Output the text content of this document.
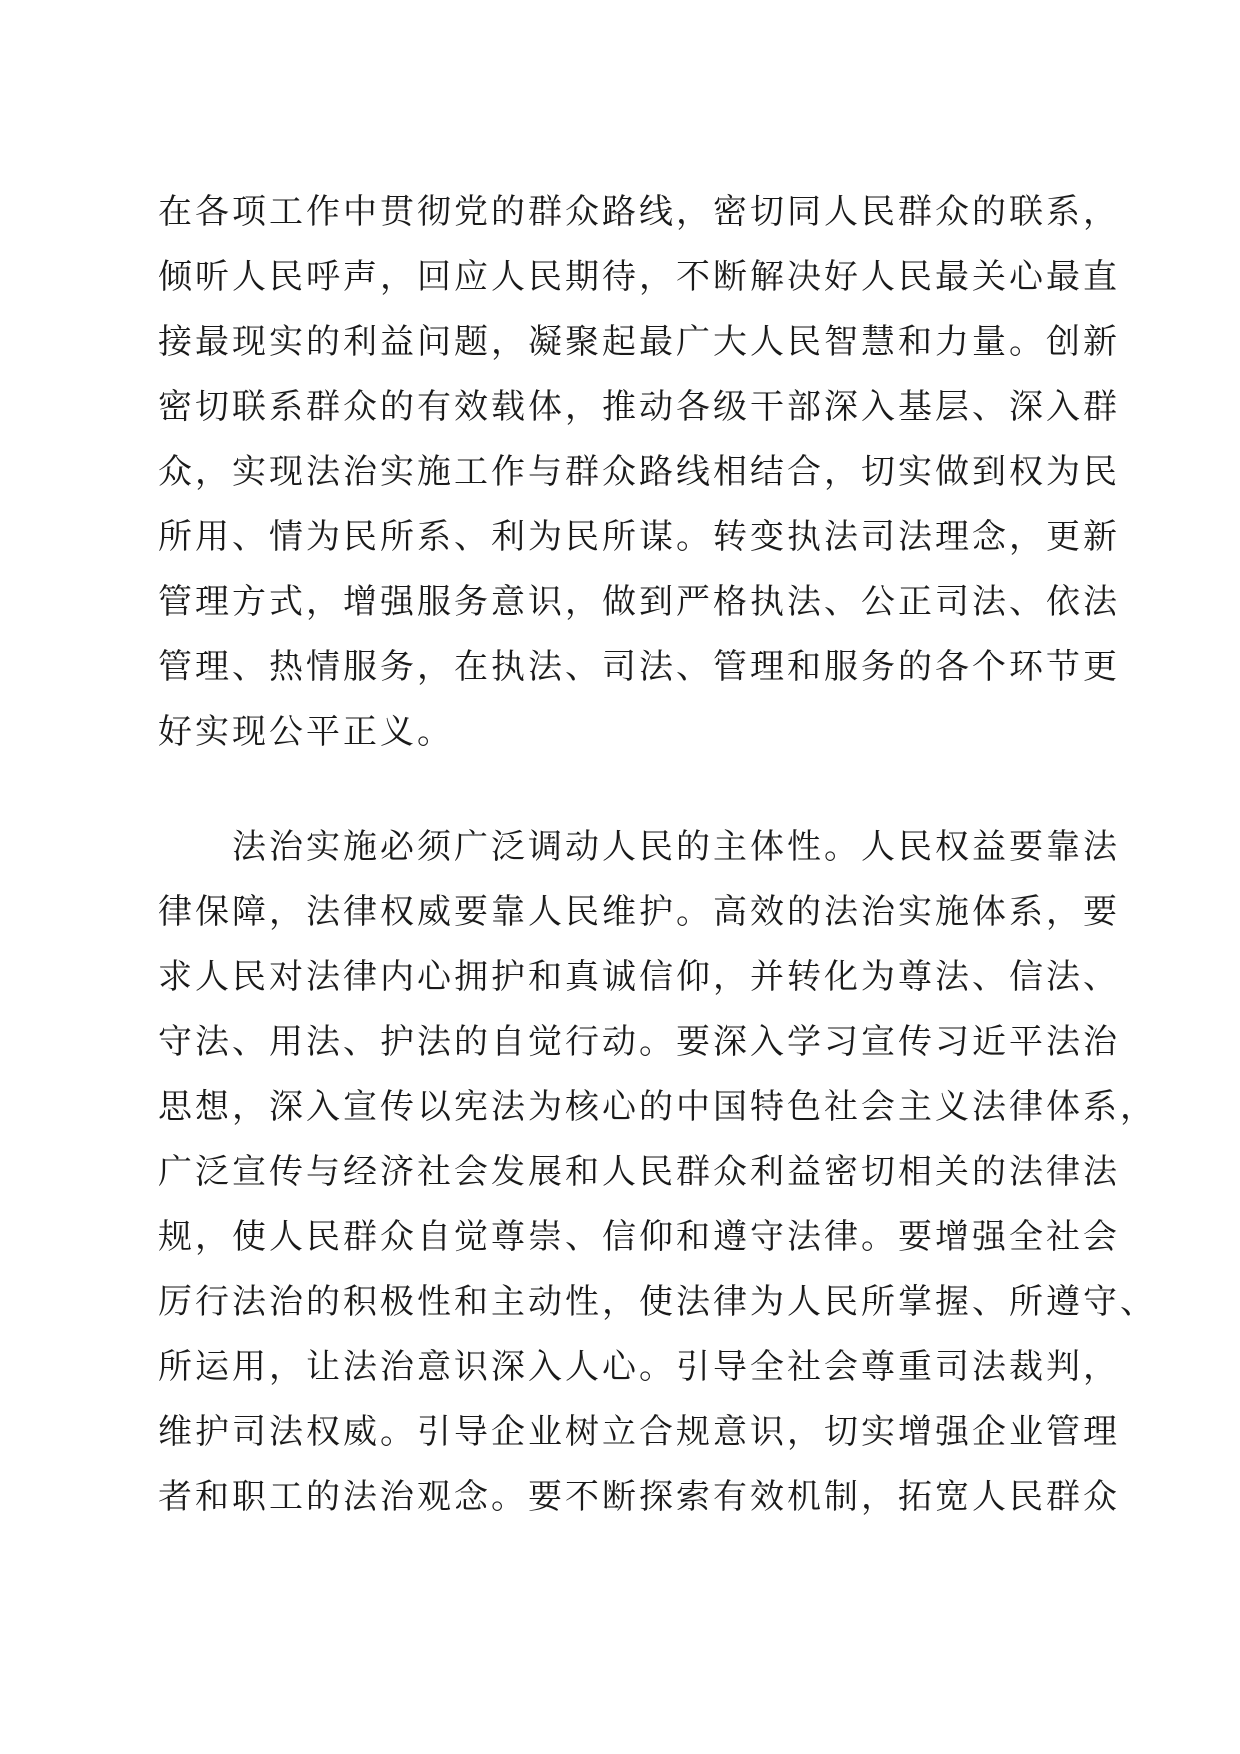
在各项工作中贯彻党的群众路线，密切同人民群众的联系，
倾听人民呼声，回应人民期待，不断解决好人民最关心最直
接最现实的利益问题，凝聚起最广大人民智慧和力量。创新
密切联系群众的有效载体，推动各级干部深入基层、深入群
众，实现法治实施工作与群众路线相结合，切实做到权为民
所用、情为民所系、利为民所谋。转变执法司法理念，更新
管理方式，增强服务意识，做到严格执法、公正司法、依法
管理、热情服务，在执法、司法、管理和服务的各个环节更
好实现公平正义。
　　法治实施必须广泛调动人民的主体性。人民权益要靠法
律保障，法律权威要靠人民维护。高效的法治实施体系，要
求人民对法律内心拥护和真诚信仰，并转化为尊法、信法、
守法、用法、护法的自觉行动。要深入学习宣传习近平法治
思想，深入宣传以宪法为核心的中国特色社会主义法律体系，
广泛宣传与经济社会发展和人民群众利益密切相关的法律法
规，使人民群众自觉尊崇、信仰和遵守法律。要增强全社会
厉行法治的积极性和主动性，使法律为人民所掌握、所遵守、
所运用，让法治意识深入人心。引导全社会尊重司法裁判，
维护司法权威。引导企业树立合规意识，切实增强企业管理
者和职工的法治观念。要不断探索有效机制，拓宽人民群众
